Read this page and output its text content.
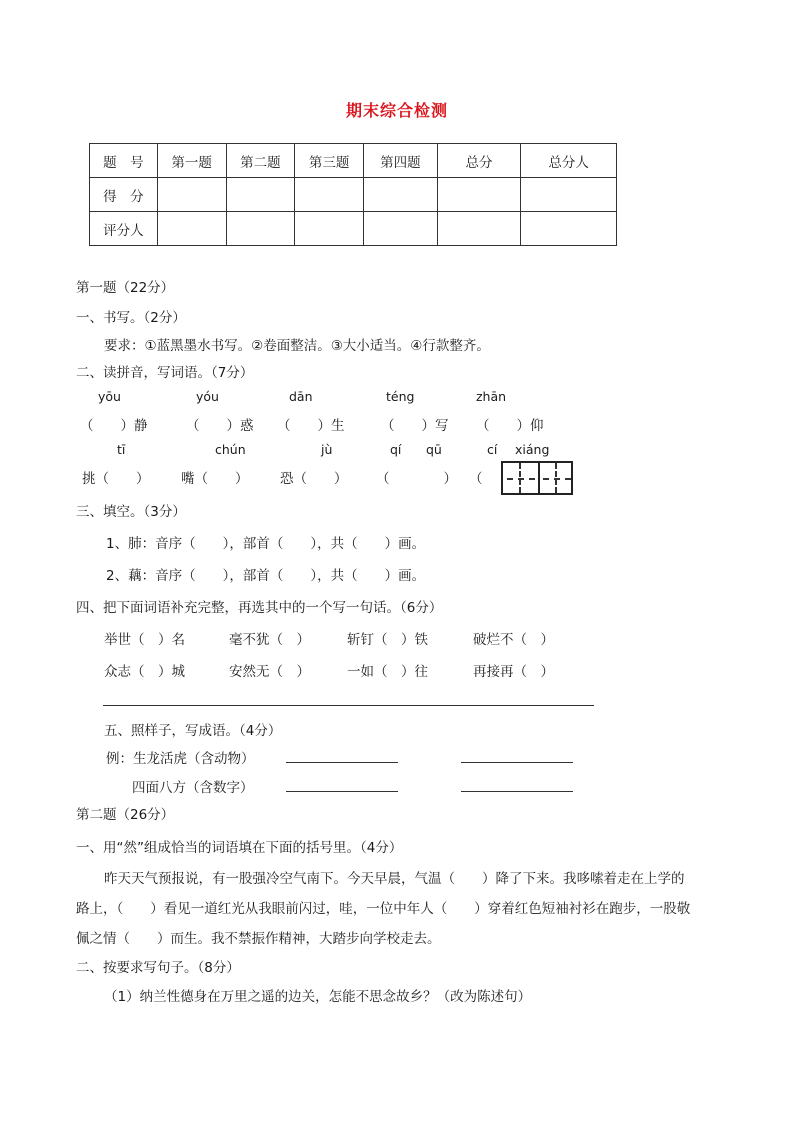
期末综合检测
题　号	第一题	第二题	第三题	第四题	总分	总分人
得　分						
评分人						
第一题（22分）
一、书写。（2分）
要求：①蓝黑墨水书写。②卷面整洁。③大小适当。④行款整齐。
二、读拼音，写词语。（7分）
yōu	yóu	dān	téng	zhān
（　　）静	（　　）惑 （　　）生	（　　）写 （　　）仰
tī	chún	jù	qí qū	cí xiáng
挑（　　） 嘴（　　） 恐（　　） （　　　　） （
三、填空。（3分）
1、肺：音序（　　），部首（　　），共（　　）画。
2、藕：音序（　　），部首（　　），共（　　）画。
四、把下面词语补充完整，再选其中的一个写一句话。（6分）
举世（　）名	毫不犹（　）	斩钉（　）铁	破烂不（　）
众志（　）城	安然无（　）	一如（　）往	再接再（　）
五、照样子，写成语。（4分）
例：生龙活虎（含动物）
四面八方（含数字）
第二题（26分）
一、用“然”组成恰当的词语填在下面的括号里。（4分）
昨天天气预报说，有一股强冷空气南下。今天早晨，气温（　　）降了下来。我哆嗦着走在上学的
路上，（　　）看见一道红光从我眼前闪过，哇，一位中年人（　　）穿着红色短袖衬衫在跑步，一股敬
佩之情（　　）而生。我不禁振作精神，大踏步向学校走去。
二、按要求写句子。（8分）
（1）纳兰性德身在万里之遥的边关，怎能不思念故乡？（改为陈述句）
